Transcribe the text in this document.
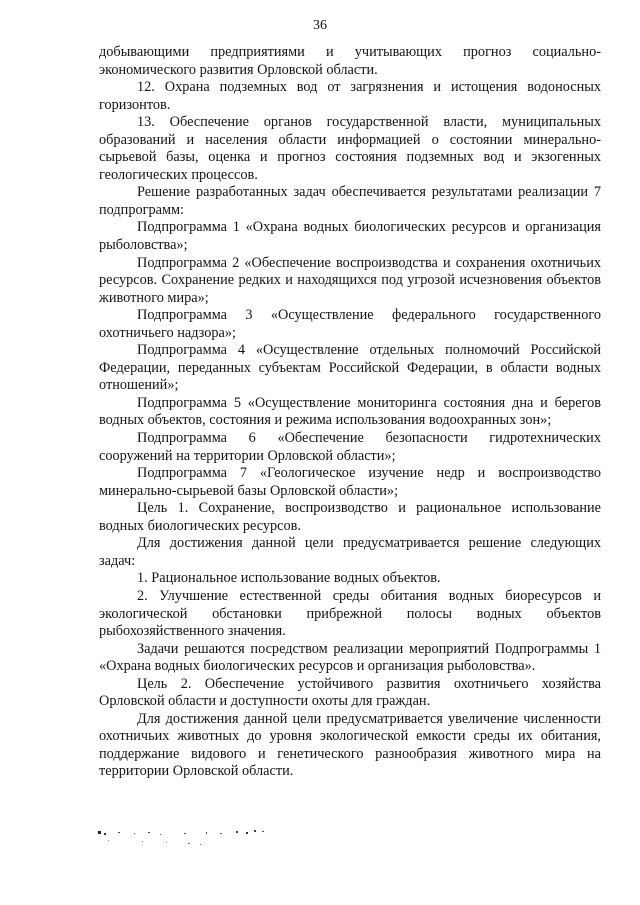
36

добывающими предприятиями и учитывающих прогноз социально-экономического развития Орловской области.

12. Охрана подземных вод от загрязнения и истощения водоносных горизонтов.

13. Обеспечение органов государственной власти, муниципальных образований и населения области информацией о состоянии минерально-сырьевой базы, оценка и прогноз состояния подземных вод и экзогенных геологических процессов.

Решение разработанных задач обеспечивается результатами реализации 7 подпрограмм:

Подпрограмма 1 «Охрана водных биологических ресурсов и организация рыболовства»;

Подпрограмма 2 «Обеспечение воспроизводства и сохранения охотничьих ресурсов. Сохранение редких и находящихся под угрозой исчезновения объектов животного мира»;

Подпрограмма 3 «Осуществление федерального государственного охотничьего надзора»;

Подпрограмма 4 «Осуществление отдельных полномочий Российской Федерации, переданных субъектам Российской Федерации, в области водных отношений»;

Подпрограмма 5 «Осуществление мониторинга состояния дна и берегов водных объектов, состояния и режима использования водоохранных зон»;

Подпрограмма 6 «Обеспечение безопасности гидротехнических сооружений на территории Орловской области»;

Подпрограмма 7 «Геологическое изучение недр и воспроизводство минерально-сырьевой базы Орловской области»;

Цель 1. Сохранение, воспроизводство и рациональное использование водных биологических ресурсов.

Для достижения данной цели предусматривается решение следующих задач:

1. Рациональное использование водных объектов.

2. Улучшение естественной среды обитания водных биоресурсов и экологической обстановки прибрежной полосы водных объектов рыбохозяйственного значения.

Задачи решаются посредством реализации мероприятий Подпрограммы 1 «Охрана водных биологических ресурсов и организация рыболовства».

Цель 2. Обеспечение устойчивого развития охотничьего хозяйства Орловской области и доступности охоты для граждан.

Для достижения данной цели предусматривается увеличение численности охотничьих животных до уровня экологической емкости среды их обитания, поддержание видового и генетического разнообразия животного мира на территории Орловской области.
